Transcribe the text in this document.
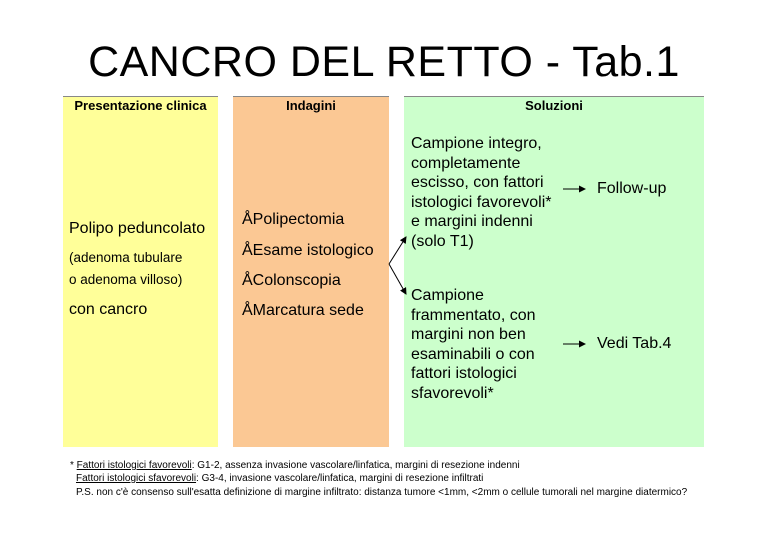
CANCRO DEL RETTO - Tab.1
Presentazione clinica	Indagini	Soluzioni
Polipo peduncolato
(adenoma tubulare
o adenoma villoso)
con cancro
ÅPolipectomia
ÅEsame istologico
ÅColonscopia
ÅMarcatura sede
Campione integro,
completamente
escisso, con fattori
istologici favorevoli*
e margini indenni
(solo T1)
Follow-up
Campione
frammentato, con
margini non ben
esaminabili o con
fattori istologici
sfavorevoli*
Vedi Tab.4
* Fattori istologici favorevoli: G1-2, assenza invasione vascolare/linfatica, margini di resezione indenni
Fattori istologici sfavorevoli: G3-4, invasione vascolare/linfatica, margini di resezione infiltrati
P.S. non c'è consenso sull'esatta definizione di margine infiltrato: distanza tumore <1mm, <2mm o cellule tumorali nel margine diatermico?
